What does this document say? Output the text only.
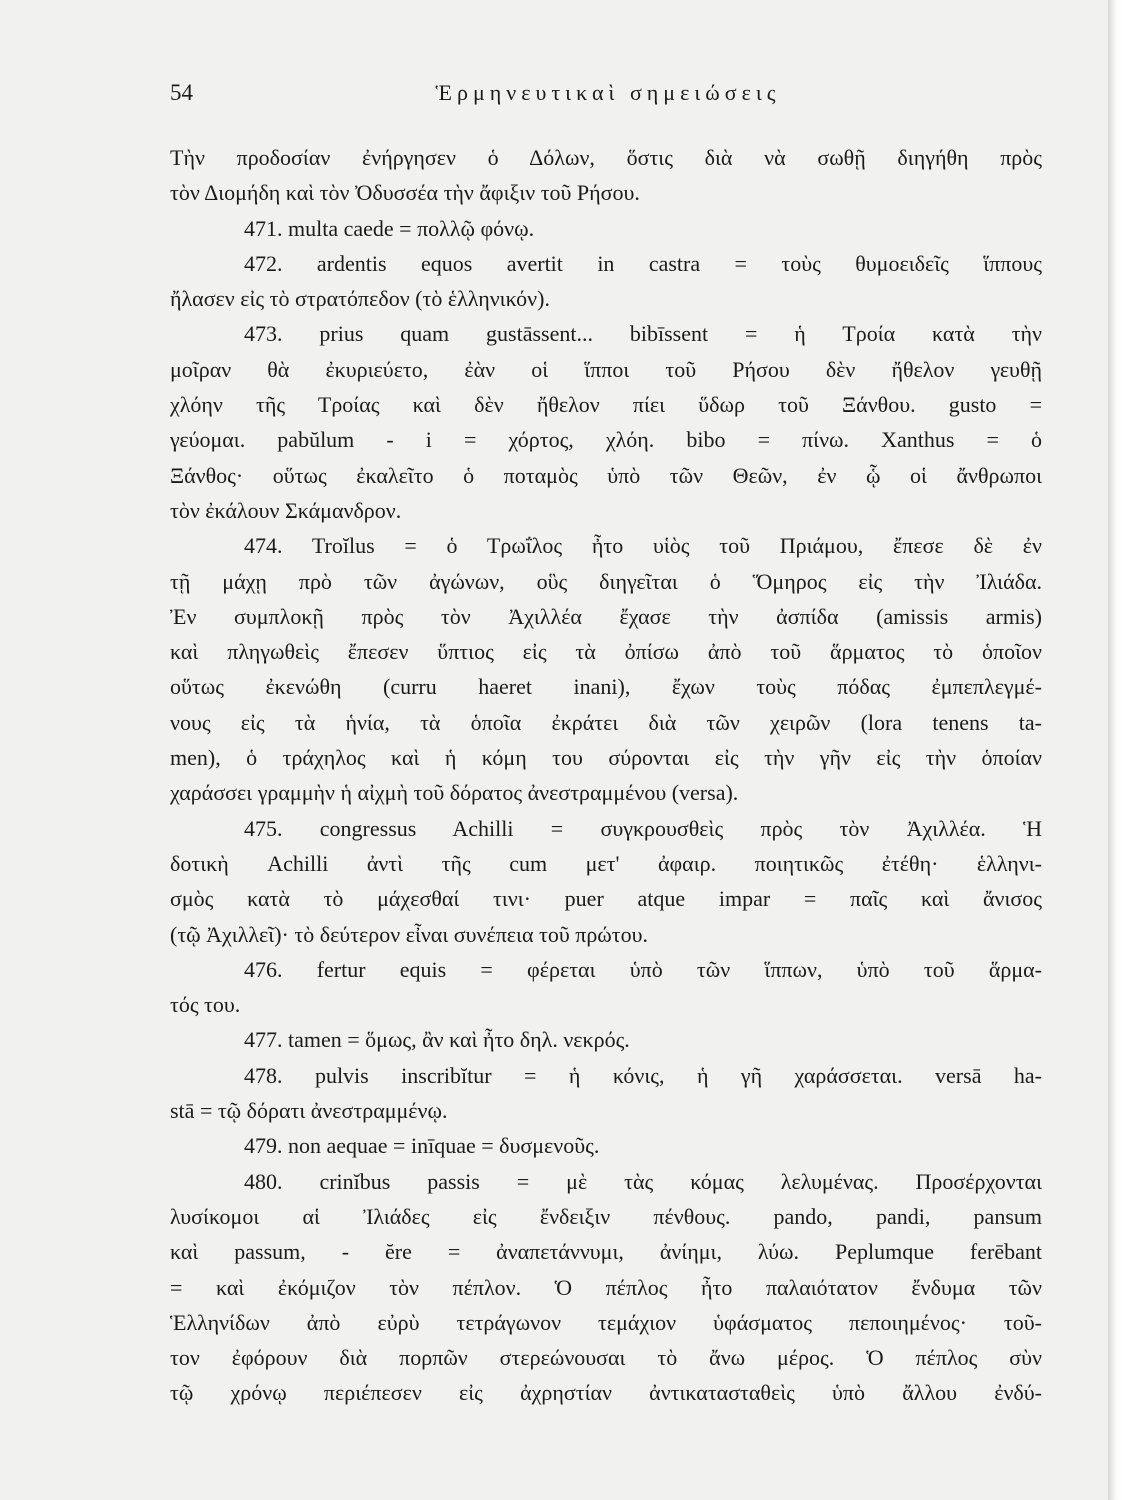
54	Ἑρμηνευτικαὶ σημειώσεις
Τὴν προδοσίαν ἐνήργησεν ὁ Δόλων, ὅστις διὰ νὰ σωθῇ διηγήθη πρὸς
τὸν Διομήδη καὶ τὸν Ὀδυσσέα τὴν ἄφιξιν τοῦ Ρήσου.
471. multa caede = πολλῷ φόνῳ.
472. ardentis equos avertit in castra = τοὺς θυμοειδεῖς ἵππους
ἤλασεν εἰς τὸ στρατόπεδον (τὸ ἑλληνικόν).
473. prius quam gustāssent... bibīssent = ἡ Τροία κατὰ τὴν
μοῖραν θὰ ἐκυριεύετο, ἐὰν οἱ ἵπποι τοῦ Ρήσου δὲν ἤθελον γευθῇ
χλόην τῆς Τροίας καὶ δὲν ἤθελον πίει ὕδωρ τοῦ Ξάνθου. gusto =
γεύομαι. pabŭlum - i = χόρτος, χλόη. bibo = πίνω. Xanthus = ὁ
Ξάνθος· οὕτως ἐκαλεῖτο ὁ ποταμὸς ὑπὸ τῶν Θεῶν, ἐν ᾧ οἱ ἄνθρωποι
τὸν ἐκάλουν Σκάμανδρον.
474. Troĭlus = ὁ Τρωΐλος ἦτο υἱὸς τοῦ Πριάμου, ἔπεσε δὲ ἐν
τῇ μάχῃ πρὸ τῶν ἀγώνων, οὓς διηγεῖται ὁ Ὅμηρος εἰς τὴν Ἰλιάδα.
Ἐν συμπλοκῇ πρὸς τὸν Ἀχιλλέα ἔχασε τὴν ἀσπίδα (amissis armis)
καὶ πληγωθεὶς ἔπεσεν ὕπτιος εἰς τὰ ὀπίσω ἀπὸ τοῦ ἅρματος τὸ ὁποῖον
οὕτως ἐκενώθη (curru haeret inani), ἔχων τοὺς πόδας ἐμπεπλεγμέ-
νους εἰς τὰ ἡνία, τὰ ὁποῖα ἐκράτει διὰ τῶν χειρῶν (lora tenens ta-
men), ὁ τράχηλος καὶ ἡ κόμη του σύρονται εἰς τὴν γῆν εἰς τὴν ὁποίαν
χαράσσει γραμμὴν ἡ αἰχμὴ τοῦ δόρατος ἀνεστραμμένου (versa).
475. congressus Achilli = συγκρουσθεὶς πρὸς τὸν Ἀχιλλέα. Ἡ
δοτικὴ Achilli ἀντὶ τῆς cum μετ' ἀφαιρ. ποιητικῶς ἐτέθη· ἑλληνι-
σμὸς κατὰ τὸ μάχεσθαί τινι· puer atque impar = παῖς καὶ ἄνισος
(τῷ Ἀχιλλεῖ)· τὸ δεύτερον εἶναι συνέπεια τοῦ πρώτου.
476. fertur equis = φέρεται ὑπὸ τῶν ἵππων, ὑπὸ τοῦ ἅρμα-
τός του.
477. tamen = ὅμως, ἂν καὶ ἦτο δηλ. νεκρός.
478. pulvis inscribĭtur = ἡ κόνις, ἡ γῆ χαράσσεται. versā ha-
stā = τῷ δόρατι ἀνεστραμμένῳ.
479. non aequae = inīquae = δυσμενοῦς.
480. crinĭbus passis = μὲ τὰς κόμας λελυμένας. Προσέρχονται
λυσίκομοι αἱ Ἰλιάδες εἰς ἔνδειξιν πένθους. pando, pandi, pansum
καὶ passum, - ĕre = ἀναπετάννυμι, ἀνίημι, λύω. Peplumque ferēbant
= καὶ ἐκόμιζον τὸν πέπλον. Ὁ πέπλος ἦτο παλαιότατον ἔνδυμα τῶν
Ἑλληνίδων ἀπὸ εὐρὺ τετράγωνον τεμάχιον ὑφάσματος πεποιημένος· τοῦ-
τον ἐφόρουν διὰ πορπῶν στερεώνουσαι τὸ ἄνω μέρος. Ὁ πέπλος σὺν
τῷ χρόνῳ περιέπεσεν εἰς ἀχρηστίαν ἀντικατασταθεὶς ὑπὸ ἄλλου ἐνδύ-
